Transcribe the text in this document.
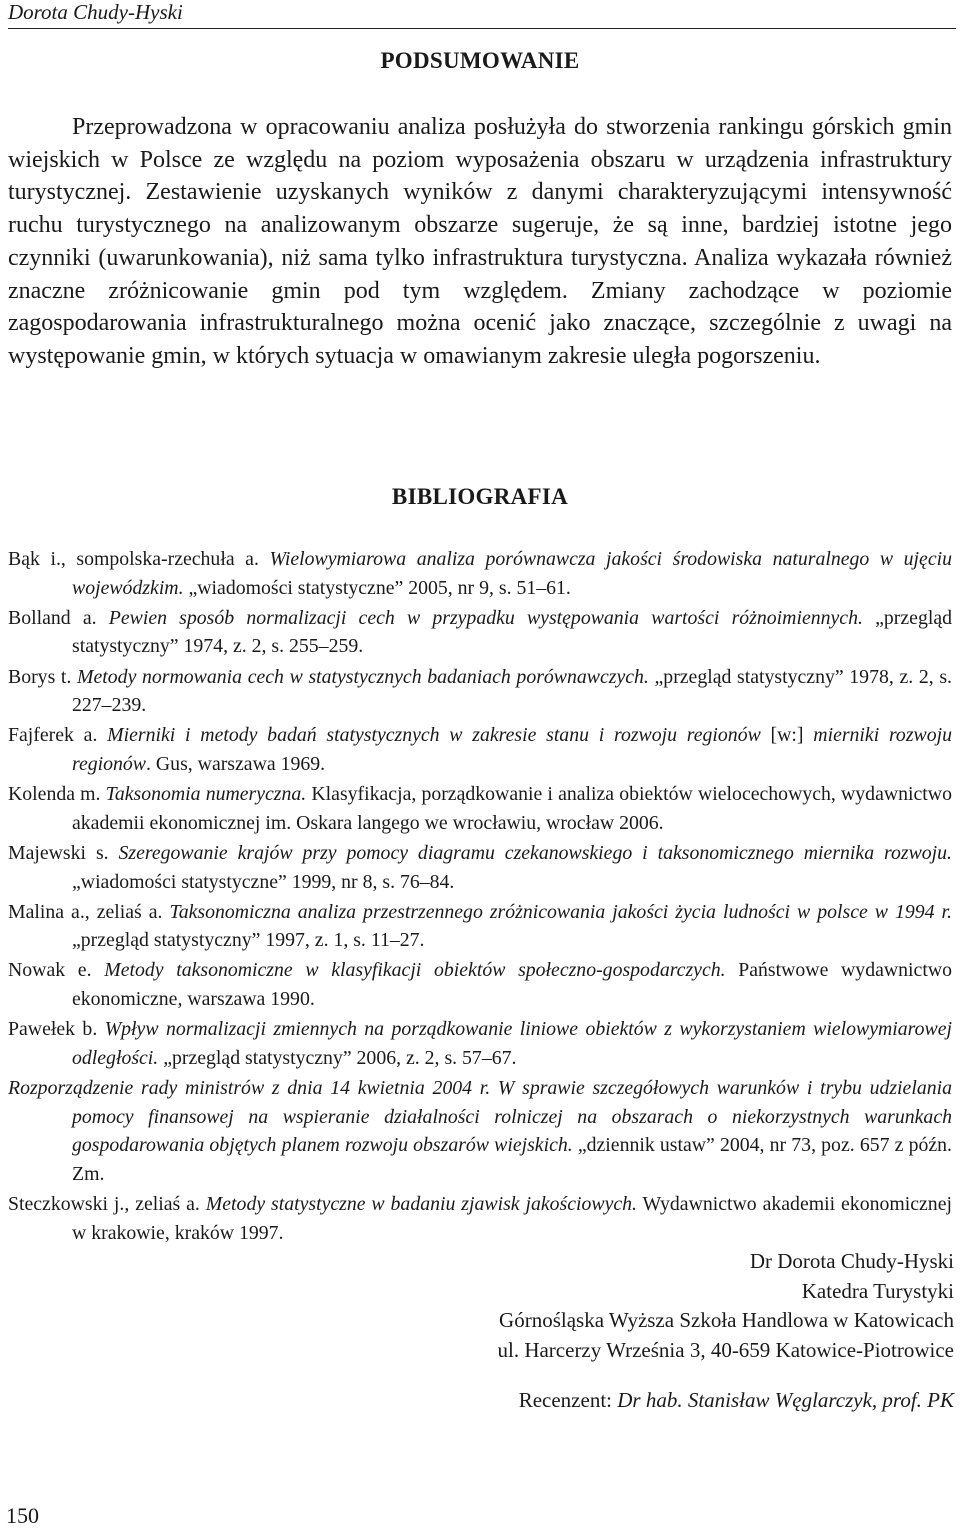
Dorota Chudy-Hyski
PODSUMOWANIE

Przeprowadzona w opracowaniu analiza posłużyła do stworzenia rankingu górskich gmin wiejskich w Polsce ze względu na poziom wyposażenia obszaru w urządzenia infrastruktury turystycznej. Zestawienie uzyskanych wyników z danymi charakteryzującymi intensywność ruchu turystycznego na analizowanym obszarze sugeruje, że są inne, bardziej istotne jego czynniki (uwarunkowania), niż sama tylko infrastruktura turystyczna. Analiza wykazała również znaczne zróżnicowanie gmin pod tym względem. Zmiany zachodzące w poziomie zagospodarowania infrastrukturalnego można ocenić jako znaczące, szczególnie z uwagi na występowanie gmin, w których sytuacja w omawianym zakresie uległa pogorszeniu.

BIBLIOGRAFIA
Bąk i., sompolska-rzechuła a. Wielowymiarowa analiza porównawcza jakości środowiska naturalnego w ujęciu wojewódzkim. „wiadomości statystyczne” 2005, nr 9, s. 51–61.
Bolland a. Pewien sposób normalizacji cech w przypadku występowania wartości różnoimiennych. „przegląd statystyczny” 1974, z. 2, s. 255–259.
Borys t. Metody normowania cech w statystycznych badaniach porównawczych. „przegląd statystyczny” 1978, z. 2, s. 227–239.
Fajferek a. Mierniki i metody badań statystycznych w zakresie stanu i rozwoju regionów [w:] mierniki rozwoju regionów. Gus, warszawa 1969.
Kolenda m. Taksonomia numeryczna. Klasyfikacja, porządkowanie i analiza obiektów wielocechowych, wydawnictwo akademii ekonomicznej im. Oskara langego we wrocławiu, wrocław 2006.
Majewski s. Szeregowanie krajów przy pomocy diagramu czekanowskiego i taksonomicznego miernika rozwoju. „wiadomości statystyczne” 1999, nr 8, s. 76–84.
Malina a., zeliaś a. Taksonomiczna analiza przestrzennego zróżnicowania jakości życia ludności w polsce w 1994 r. „przegląd statystyczny” 1997, z. 1, s. 11–27.
Nowak e. Metody taksonomiczne w klasyfikacji obiektów społeczno-gospodarczych. Państwowe wydawnictwo ekonomiczne, warszawa 1990.
Pawełek b. Wpływ normalizacji zmiennych na porządkowanie liniowe obiektów z wykorzystaniem wielowymiarowej odległości. „przegląd statystyczny” 2006, z. 2, s. 57–67.
Rozporządzenie rady ministrów z dnia 14 kwietnia 2004 r. W sprawie szczegółowych warunków i trybu udzielania pomocy finansowej na wspieranie działalności rolniczej na obszarach o niekorzystnych warunkach gospodarowania objętych planem rozwoju obszarów wiejskich. „dziennik ustaw” 2004, nr 73, poz. 657 z późn. Zm.
Steczkowski j., zeliaś a. Metody statystyczne w badaniu zjawisk jakościowych. Wydawnictwo akademii ekonomicznej w krakowie, kraków 1997.
Dr Dorota Chudy-Hyski
Katedra Turystyki
Górnośląska Wyższa Szkoła Handlowa w Katowicach
ul. Harcerzy Września 3, 40-659 Katowice-Piotrowice
Recenzent: Dr hab. Stanisław Węglarczyk, prof. PK
150
